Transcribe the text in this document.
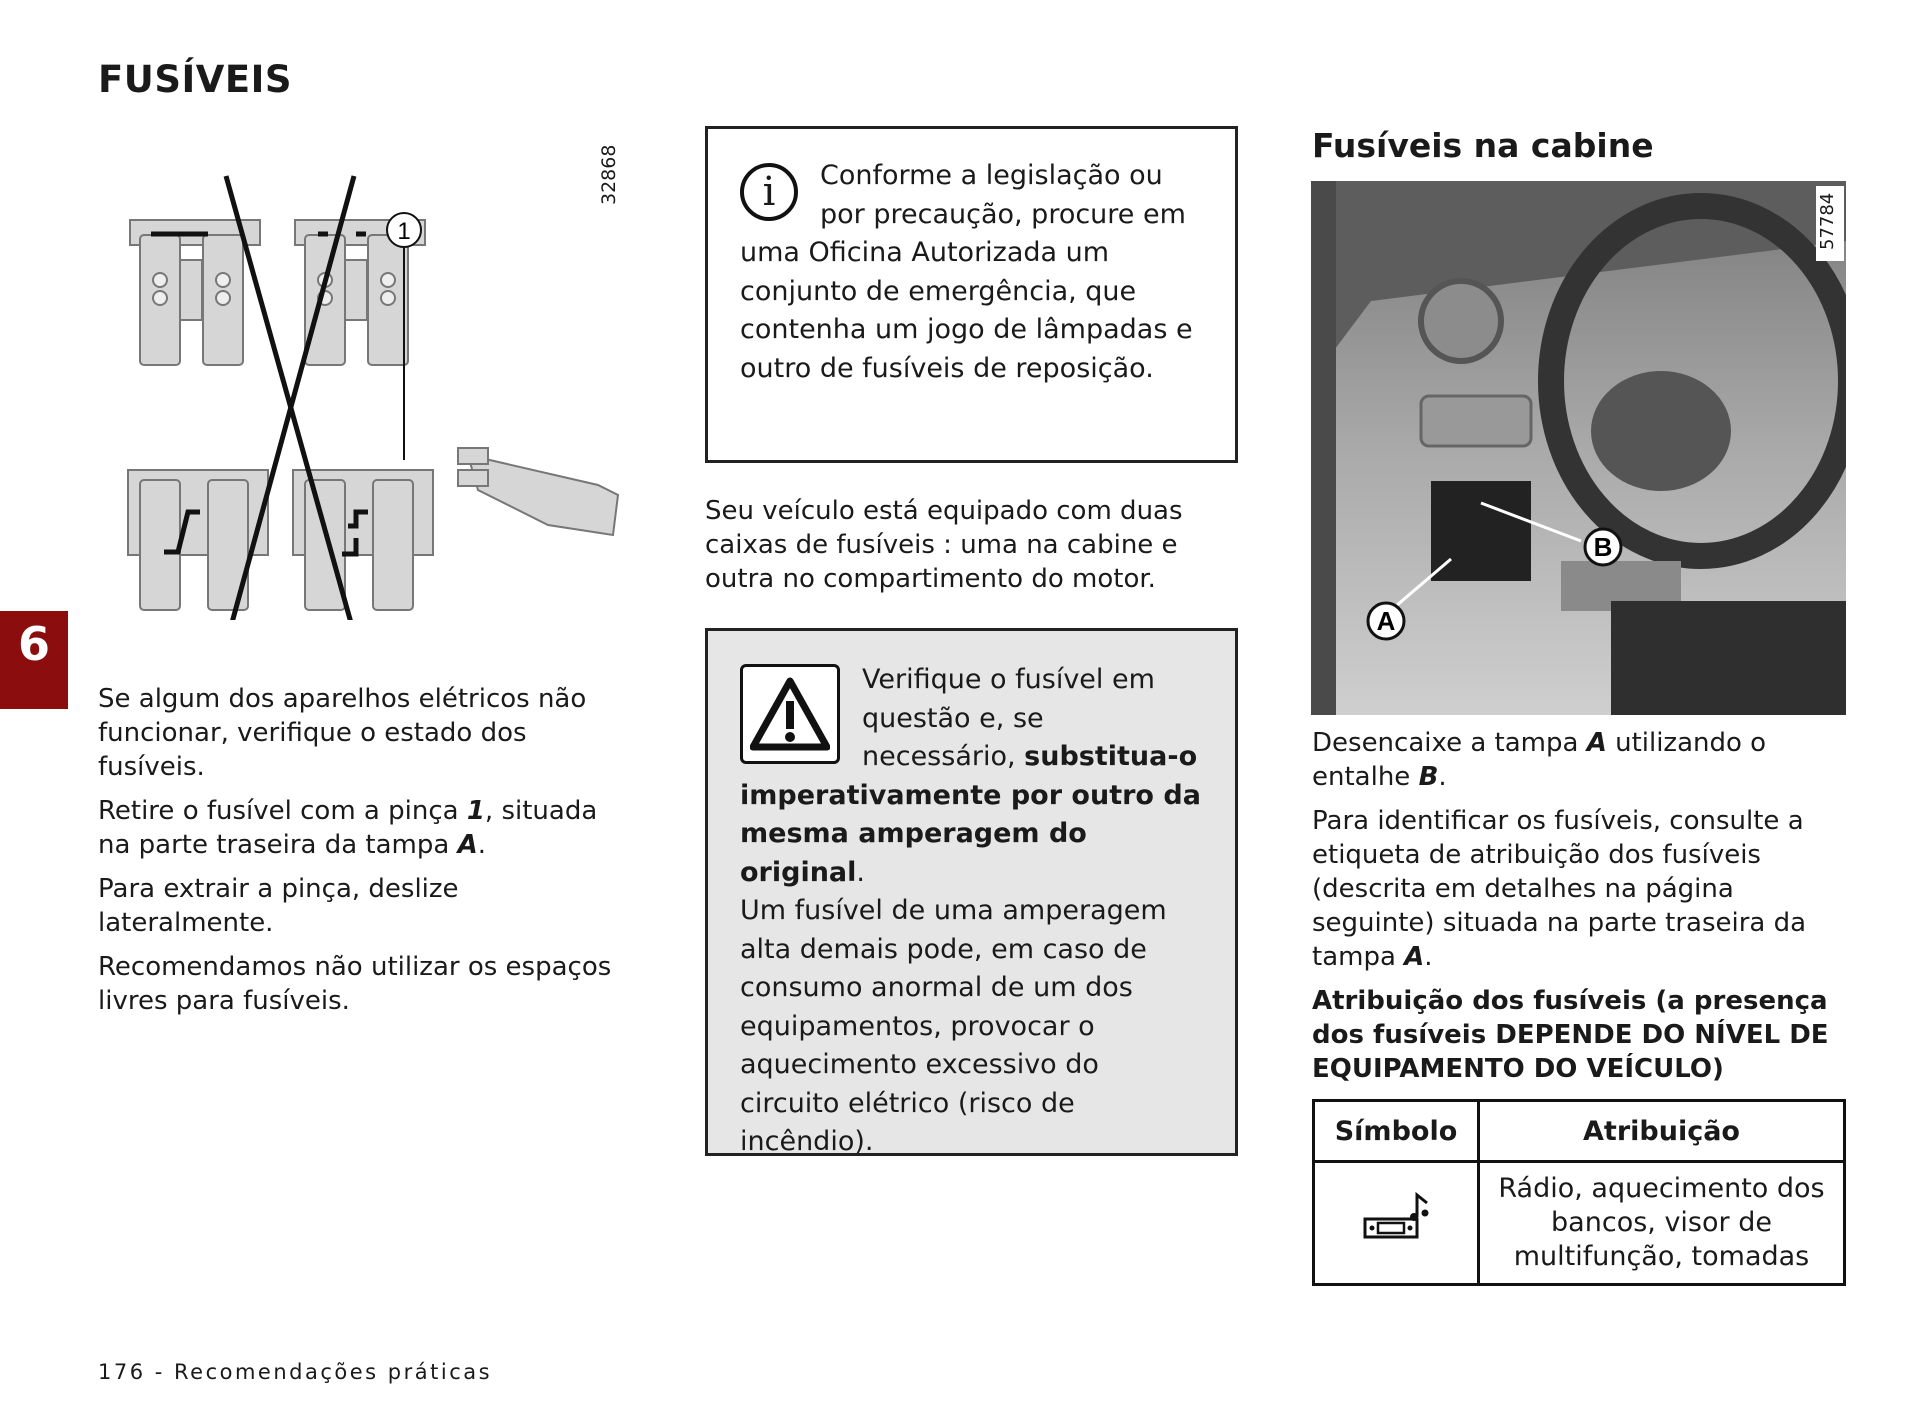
FUSÍVEIS
32868
1
6

Se algum dos aparelhos elétricos não funcionar, verifique o estado dos fusíveis.

Retire o fusível com a pinça 1, situada na parte traseira da tampa A.

Para extrair a pinça, deslize lateralmente.

Recomendamos não utilizar os espaços livres para fusíveis.

i	Conforme a legislação ou por precaução, procure em uma Oficina Autorizada um conjunto de emergência, que contenha um jogo de lâmpadas e outro de fusíveis de reposição.
Seu veículo está equipado com duas caixas de fusíveis : uma na cabine e outra no compartimento do motor.
Verifique o fusível em questão e, se necessário, substitua-o imperativamente por outro da mesma amperagem do original.
Um fusível de uma amperagem alta demais pode, em caso de consumo anormal de um dos equipamentos, provocar o aquecimento excessivo do circuito elétrico (risco de incêndio).
Fusíveis na cabine
A
B
57784

Desencaixe a tampa A utilizando o entalhe B.

Para identificar os fusíveis, consulte a etiqueta de atribuição dos fusíveis (descrita em detalhes na página seguinte) situada na parte traseira da tampa A.

Atribuição dos fusíveis (a presença dos fusíveis DEPENDE DO NÍVEL DE EQUIPAMENTO DO VEÍCULO)

Símbolo	Atribuição
	Rádio, aquecimento dos bancos, visor de multifunção, tomadas
176 - Recomendações práticas
